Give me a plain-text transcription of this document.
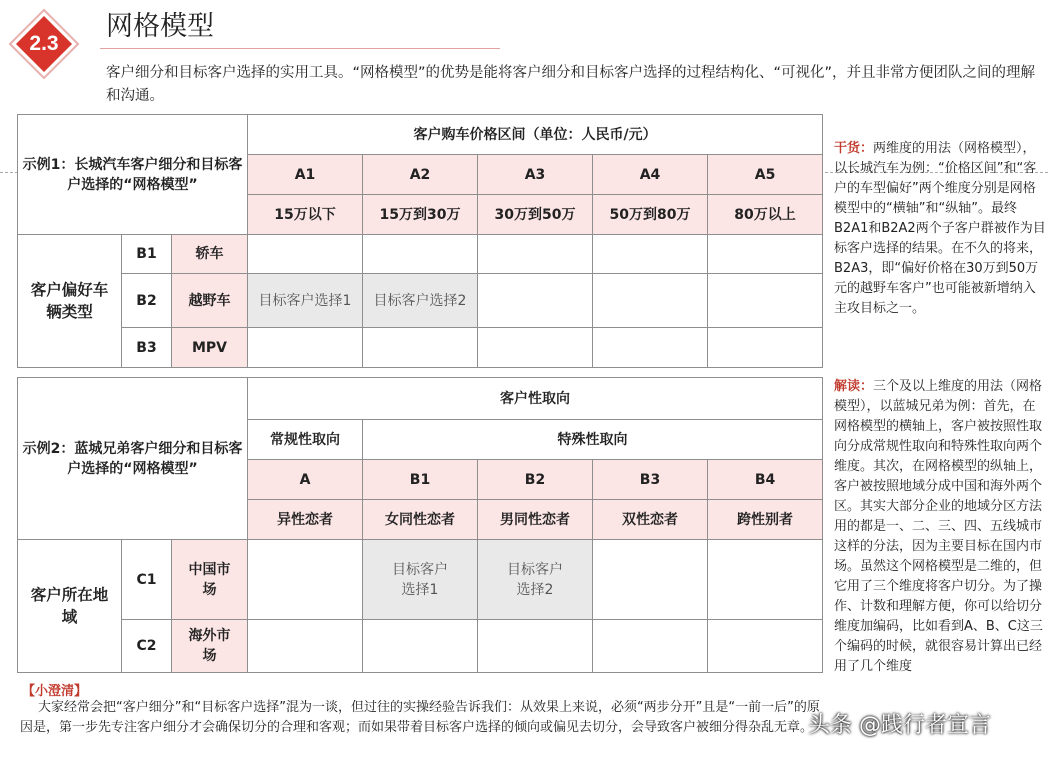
2.3
网格模型
客户细分和目标客户选择的实用工具。“网格模型”的优势是能将客户细分和目标客户选择的过程结构化、“可视化”，并且非常方便团队之间的理解和沟通。
示例1：长城汽车客户细分和目标客户选择的“网格模型”			客户购车价格区间（单位：人民币/元）				
			A1	A2	A3	A4	A5
			15万以下	15万到30万	30万到50万	50万到80万	80万以上
客户偏好车辆类型	B1	轿车					
	B2	越野车	目标客户选择1	目标客户选择2			
	B3	MPV					
示例2：蓝城兄弟客户细分和目标客户选择的“网格模型”			客户性取向				
			常规性取向	特殊性取向			
			A	B1	B2	B3	B4
			异性恋者	女同性恋者	男同性恋者	双性恋者	跨性别者
客户所在地域	C1	中国市场		目标客户选择1	目标客户选择2		
	C2	海外市场					
干货：两维度的用法（网格模型），以长城汽车为例：“价格区间”和“客户的车型偏好”两个维度分别是网格模型中的“横轴”和“纵轴”。最终B2A1和B2A2两个子客户群被作为目标客户选择的结果。在不久的将来，B2A3，即“偏好价格在30万到50万元的越野车客户”也可能被新增纳入主攻目标之一。
解读：三个及以上维度的用法（网格模型），以蓝城兄弟为例：首先，在网格模型的横轴上，客户被按照性取向分成常规性取向和特殊性取向两个维度。其次，在网格模型的纵轴上，客户被按照地域分成中国和海外两个区。其实大部分企业的地域分区方法用的都是一、二、三、四、五线城市这样的分法，因为主要目标在国内市场。虽然这个网格模型是二维的，但它用了三个维度将客户切分。为了操作、计数和理解方便，你可以给切分维度加编码，比如看到A、B、C这三个编码的时候，就很容易计算出已经用了几个维度
【小澄清】
大家经常会把“客户细分”和“目标客户选择”混为一谈，但过往的实操经验告诉我们：从效果上来说，必须“两步分开”且是“一前一后”的原因是，第一步先专注客户细分才会确保切分的合理和客观；而如果带着目标客户选择的倾向或偏见去切分，会导致客户被细分得杂乱无章。
头条 @践行者宣言
